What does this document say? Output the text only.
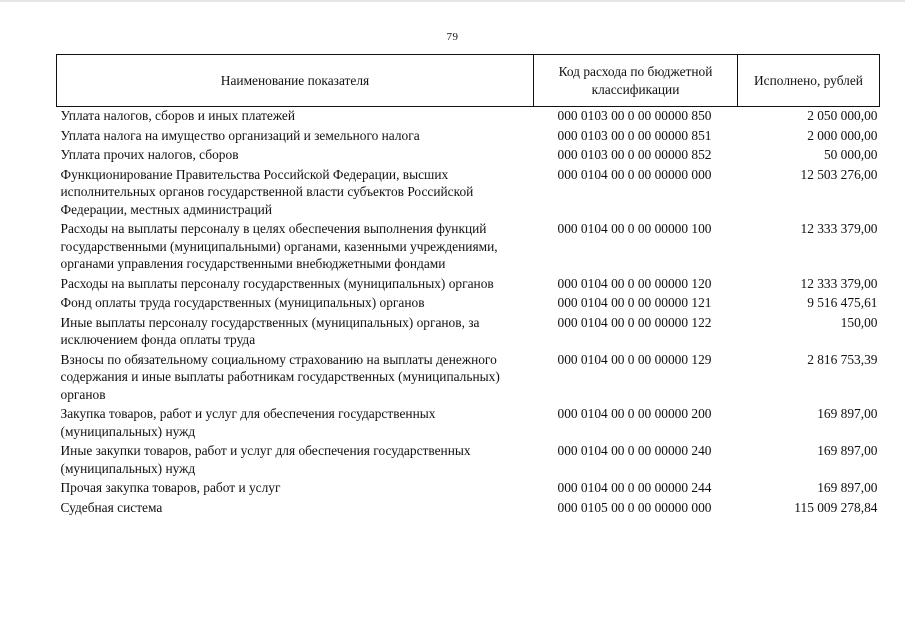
79
Наименование показателя	Код расхода по бюджетной классификации	Исполнено, рублей
Уплата налогов, сборов и иных платежей	000 0103 00 0 00 00000 850	2 050 000,00
Уплата налога на имущество организаций и земельного налога	000 0103 00 0 00 00000 851	2 000 000,00
Уплата прочих налогов, сборов	000 0103 00 0 00 00000 852	50 000,00
Функционирование Правительства Российской Федерации, высших исполнительных органов государственной власти субъектов Российской Федерации, местных администраций	000 0104 00 0 00 00000 000	12 503 276,00
Расходы на выплаты персоналу в целях обеспечения выполнения функций государственными (муниципальными) органами, казенными учреждениями, органами управления государственными внебюджетными фондами	000 0104 00 0 00 00000 100	12 333 379,00
Расходы на выплаты персоналу государственных (муниципальных) органов	000 0104 00 0 00 00000 120	12 333 379,00
Фонд оплаты труда государственных (муниципальных) органов	000 0104 00 0 00 00000 121	9 516 475,61
Иные выплаты персоналу государственных (муниципальных) органов, за исключением фонда оплаты труда	000 0104 00 0 00 00000 122	150,00
Взносы по обязательному социальному страхованию на выплаты денежного содержания и иные выплаты работникам государственных (муниципальных) органов	000 0104 00 0 00 00000 129	2 816 753,39
Закупка товаров, работ и услуг для обеспечения государственных (муниципальных) нужд	000 0104 00 0 00 00000 200	169 897,00
Иные закупки товаров, работ и услуг для обеспечения государственных (муниципальных) нужд	000 0104 00 0 00 00000 240	169 897,00
Прочая закупка товаров, работ и услуг	000 0104 00 0 00 00000 244	169 897,00
Судебная система	000 0105 00 0 00 00000 000	115 009 278,84
